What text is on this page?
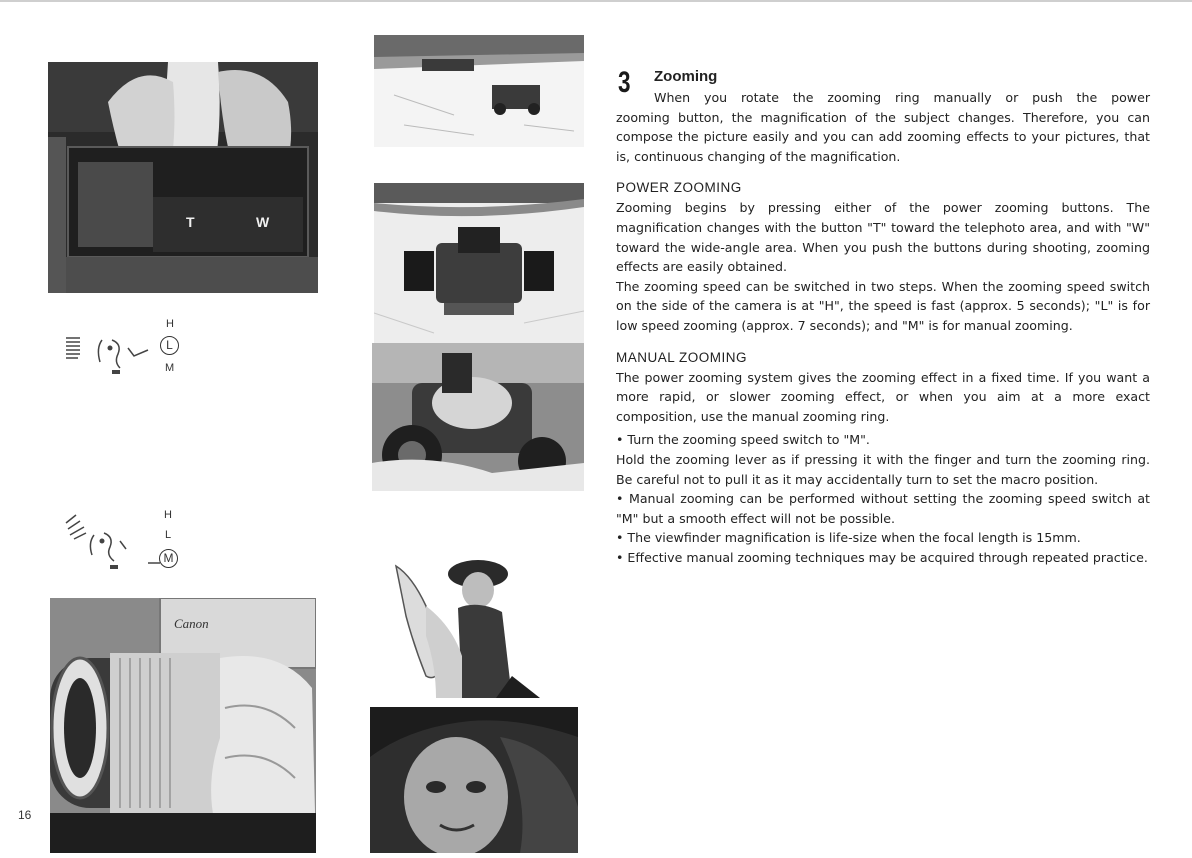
T	W
H
L
M
H
L
M
Canon
16
3	Zooming

When you rotate the zooming ring manually or push the power

zooming button, the magnification of the subject changes. Therefore, you can compose the picture easily and you can add zooming effects to your pictures, that is, continuous changing of the magnification.

POWER ZOOMING

Zooming begins by pressing either of the power zooming buttons. The magnification changes with the button "T" toward the telephoto area, and with "W" toward the wide-angle area. When you push the buttons during shooting, zooming effects are easily obtained.

The zooming speed can be switched in two steps. When the zooming speed switch on the side of the camera is at "H", the speed is fast (approx. 5 seconds); "L" is for low speed zooming (approx. 7 seconds); and "M" is for manual zooming.

MANUAL ZOOMING

The power zooming system gives the zooming effect in a fixed time. If you want a more rapid, or slower zooming effect, or when you aim at a more exact composition, use the manual zooming ring.

• Turn the zooming speed switch to "M".

Hold the zooming lever as if pressing it with the finger and turn the zooming ring. Be careful not to pull it as it may accidentally turn to set the macro position.

• Manual zooming can be performed without setting the zooming speed switch at "M" but a smooth effect will not be possible.

• The viewfinder magnification is life-size when the focal length is 15mm.

• Effective manual zooming techniques may be acquired through repeated practice.
